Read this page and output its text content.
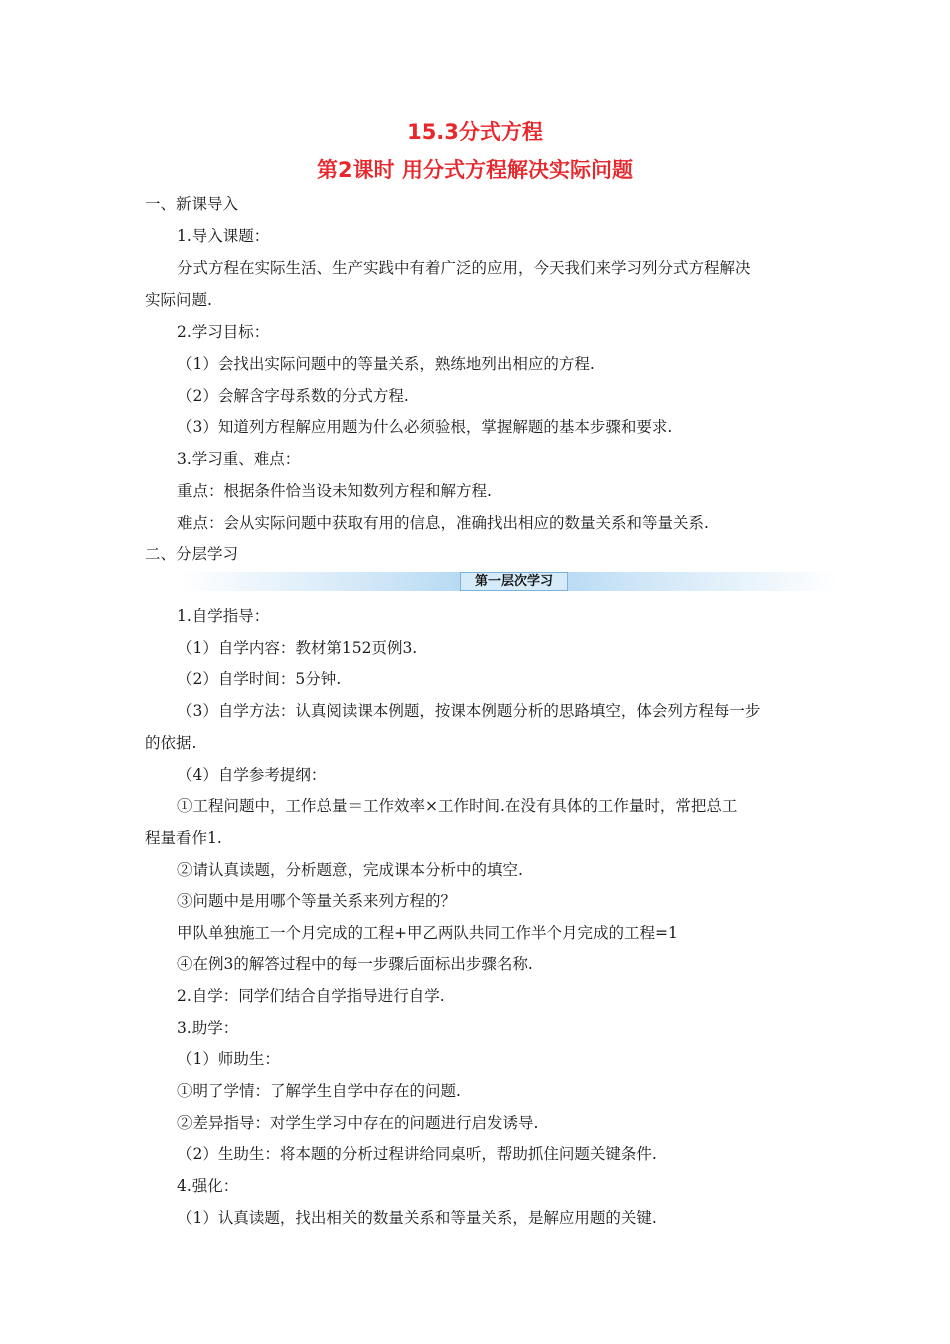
15.3分式方程
第2课时 用分式方程解决实际问题
第一层次学习
一、新课导入
1.导入课题：
分式方程在实际生活、生产实践中有着广泛的应用，今天我们来学习列分式方程解决
实际问题.
2.学习目标：
（1）会找出实际问题中的等量关系，熟练地列出相应的方程.
（2）会解含字母系数的分式方程.
（3）知道列方程解应用题为什么必须验根，掌握解题的基本步骤和要求.
3.学习重、难点：
重点：根据条件恰当设未知数列方程和解方程.
难点：会从实际问题中获取有用的信息，准确找出相应的数量关系和等量关系.
二、分层学习
1.自学指导：
（1）自学内容：教材第152页例3.
（2）自学时间：5分钟.
（3）自学方法：认真阅读课本例题，按课本例题分析的思路填空，体会列方程每一步
的依据.
（4）自学参考提纲：
①工程问题中，工作总量＝工作效率×工作时间.在没有具体的工作量时，常把总工
程量看作1.
②请认真读题，分析题意，完成课本分析中的填空.
③问题中是用哪个等量关系来列方程的？
甲队单独施工一个月完成的工程+甲乙两队共同工作半个月完成的工程=1
④在例3的解答过程中的每一步骤后面标出步骤名称.
2.自学：同学们结合自学指导进行自学.
3.助学：
（1）师助生：
①明了学情：了解学生自学中存在的问题.
②差异指导：对学生学习中存在的问题进行启发诱导.
（2）生助生：将本题的分析过程讲给同桌听，帮助抓住问题关键条件.
4.强化：
（1）认真读题，找出相关的数量关系和等量关系，是解应用题的关键.
